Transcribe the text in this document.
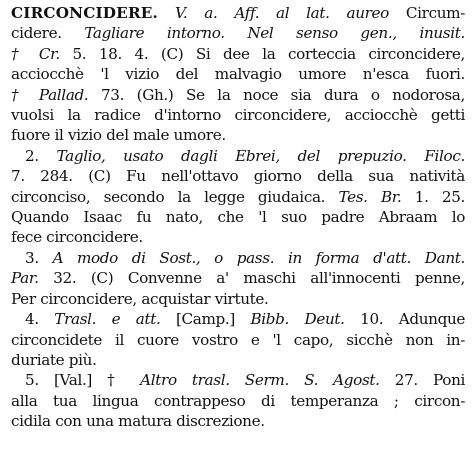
CIRCONCIDERE. V. a. Aff. al lat. aureo Circum-
cidere. Tagliare intorno. Nel senso gen., inusit.
† Cr. 5. 18. 4. (C) Si dee la corteccia circoncidere,
acciocchè 'l vizio del malvagio umore n'esca fuori.
† Pallad. 73. (Gh.) Se la noce sia dura o nodorosa,
vuolsi la radice d'intorno circoncidere, acciocchè getti
fuore il vizio del male umore.
2. Taglio, usato dagli Ebrei, del prepuzio. Filoc.
7. 284. (C) Fu nell'ottavo giorno della sua natività
circonciso, secondo la legge giudaica. Tes. Br. 1. 25.
Quando Isaac fu nato, che 'l suo padre Abraam lo
fece circoncidere.
3. A modo di Sost., o pass. in forma d'att. Dant.
Par. 32. (C) Convenne a' maschi all'innocenti penne,
Per circoncidere, acquistar virtute.
4. Trasl. e att. [Camp.] Bibb. Deut. 10. Adunque
circoncidete il cuore vostro e 'l capo, sicchè non in-
duriate più.
5. [Val.] † Altro trasl. Serm. S. Agost. 27. Poni
alla tua lingua contrappeso di temperanza ; circon-
cidila con una matura discrezione.
